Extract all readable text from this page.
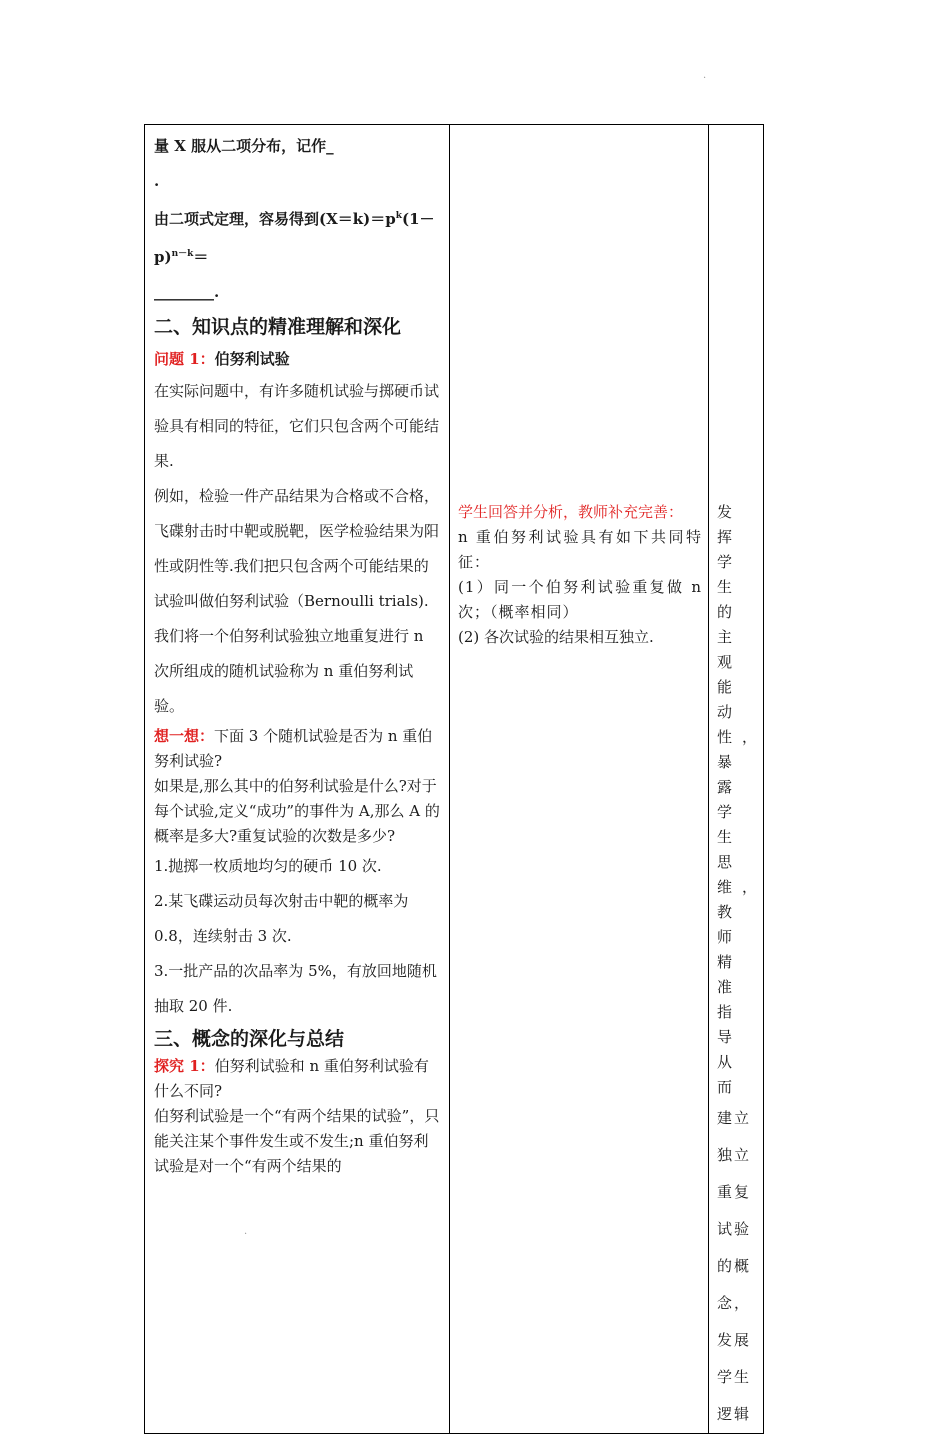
.
.

量 X 服从二项分布，记作_

.

由二项式定理，容易得到$(X=k)=p^k(1-$

p)$^{n-k}$＝

________.

二、知识点的精准理解和深化

问题 1：伯努利试验

在实际问题中，有许多随机试验与掷硬币试验具有相同的特征，它们只包含两个可能结果.

例如，检验一件产品结果为合格或不合格，飞碟射击时中靶或脱靶，医学检验结果为阳性或阴性等.我们把只包含两个可能结果的试验叫做伯努利试验（Bernoulli trials).我们将一个伯努利试验独立地重复进行 n 次所组成的随机试验称为 n 重伯努利试验。

想一想：下面 3 个随机试验是否为 n 重伯努利试验?

如果是,那么其中的伯努利试验是什么?对于每个试验,定义“成功”的事件为 A,那么 A 的概率是多大?重复试验的次数是多少?

1.抛掷一枚质地均匀的硬币 10 次.

2.某飞碟运动员每次射击中靶的概率为0.8，连续射击 3 次.

3.一批产品的次品率为 5%，有放回地随机抽取 20 件.

三、概念的深化与总结

探究 1：伯努利试验和 n 重伯努利试验有什么不同?

伯努利试验是一个“有两个结果的试验”，只能关注某个事件发生或不发生;n 重伯努利试验是对一个“有两个结果的

学生回答并分析，教师补充完善：

n 重伯努利试验具有如下共同特征：

(1）同一个伯努利试验重复做 n 次；（概率相同）

(2) 各次试验的结果相互独立.

发挥学生的主观能动性，暴露学生思维，教师精准指导从而

建立独立重复试验的概念，发展学生逻辑
